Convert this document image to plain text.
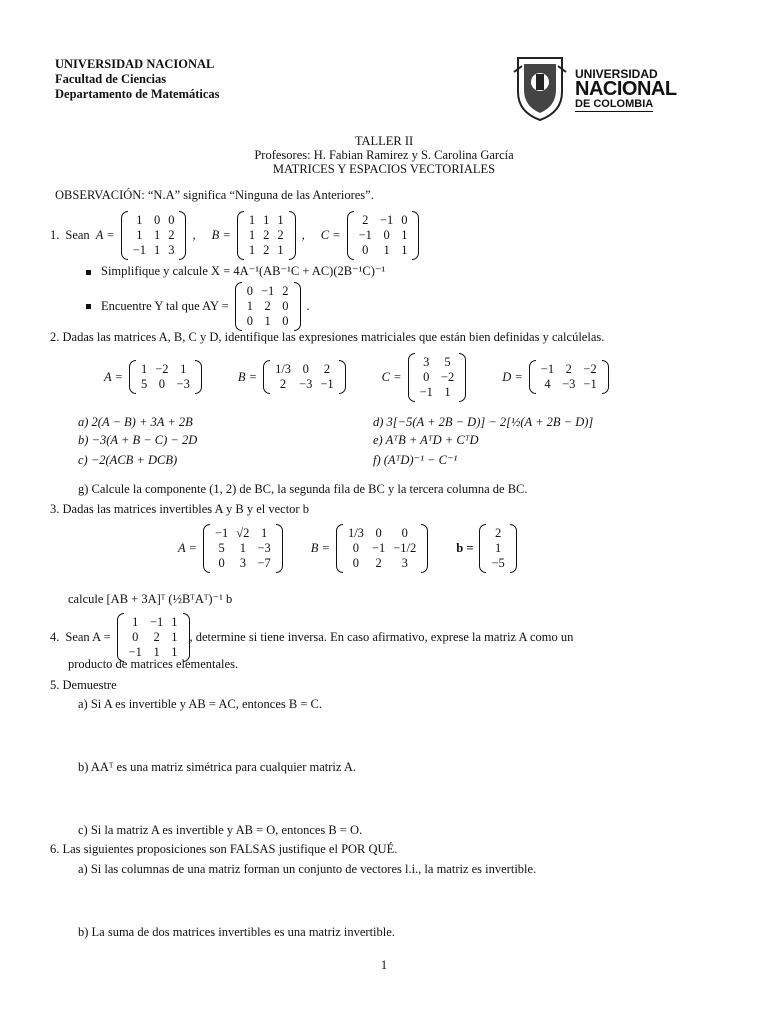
UNIVERSIDAD NACIONAL
Facultad de Ciencias
Departamento de Matemáticas
UNIVERSIDAD
NACIONAL
DE COLOMBIA
TALLER II
Profesores: H. Fabian Ramirez y S. Carolina García
MATRICES Y ESPACIOS VECTORIALES
OBSERVACIÓN: “N.A” significa “Ninguna de las Anteriores”.
1. Sean A =
1	0	0
1	1	2
−1	1	3
, B =
1	1	1
1	2	2
1	2	1
, C =
2	−1	0
−1	0	1
0	1	1
Simplifique y calcule X = 4A⁻¹(AB⁻¹C + AC)(2B⁻¹C)⁻¹
Encuentre Y tal que AY =
0	−1	2
1	2	0
0	1	0
.
2. Dadas las matrices A, B, C y D, identifique las expresiones matriciales que están bien definidas y calcúlelas.
A =
1	−2	1
5	0	−3
B =
1/3	0	2
2	−3	−1
C =
3	5
0	−2
−1	1
D =
−1	2	−2
4	−3	−1
a) 2(A − B) + 3A + 2B
b) −3(A + B − C) − 2D
c) −2(ACB + DCB)
d) 3[−5(A + 2B − D)] − 2[½(A + 2B − D)]
e) AᵀB + AᵀD + CᵀD
f) (AᵀD)⁻¹ − C⁻¹
g) Calcule la componente (1, 2) de BC, la segunda fila de BC y la tercera columna de BC.
3. Dadas las matrices invertibles A y B y el vector b
A =
−1	√2	1
5	1	−3
0	3	−7
B =
1/3	0	0
0	−1	−1/2
0	2	3
b =
2
1
−5
calcule [AB + 3A]ᵀ (½BᵀAᵀ)⁻¹ b
4. Sean A =
1	−1	1
0	2	1
−1	1	1
, determine si tiene inversa. En caso afirmativo, exprese la matriz A como un
producto de matrices elementales.
5. Demuestre
a) Si A es invertible y AB = AC, entonces B = C.
b) AAᵀ es una matriz simétrica para cualquier matriz A.
c) Si la matriz A es invertible y AB = O, entonces B = O.
6. Las siguientes proposiciones son FALSAS justifique el POR QUÉ.
a) Si las columnas de una matriz forman un conjunto de vectores l.i., la matriz es invertible.
b) La suma de dos matrices invertibles es una matriz invertible.
1
